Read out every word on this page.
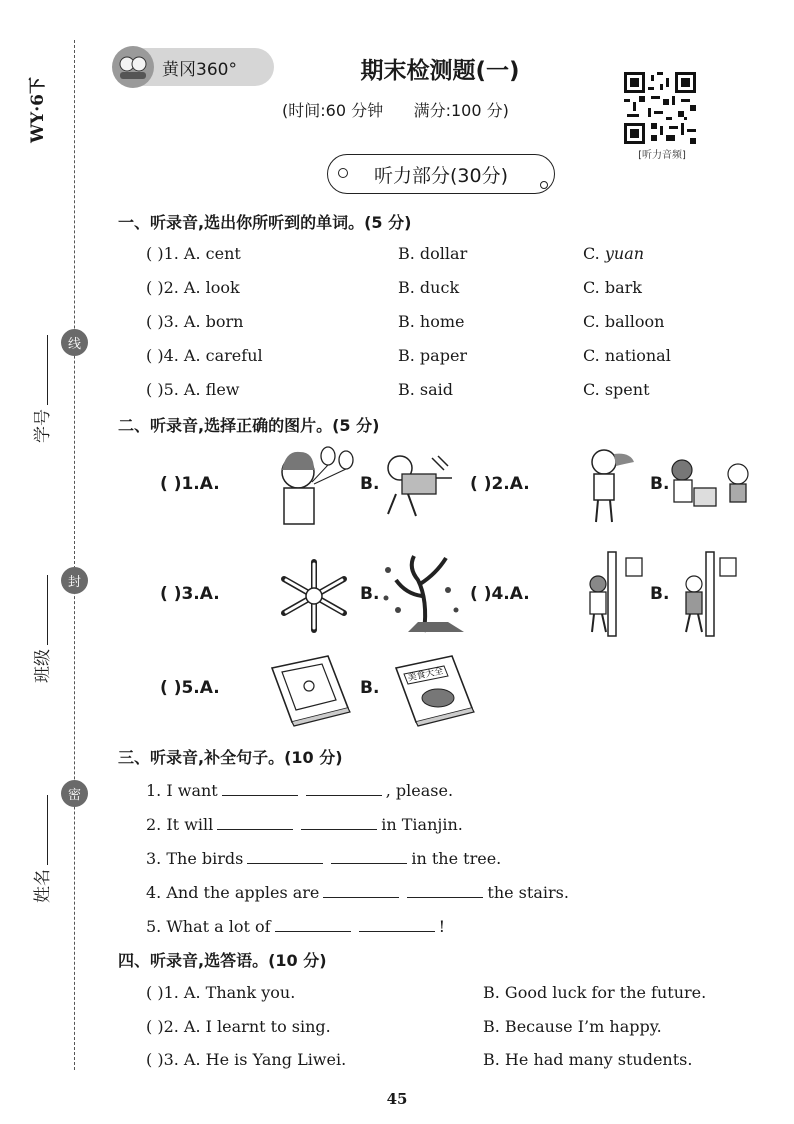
WY·6下
学号
班级
姓名
线
封
密
黄冈360°	期末检测题(一)
(时间:60 分钟      满分:100 分)
[听力音频]
听力部分(30分)
一、听录音,选出你所听到的单词。(5 分)
( )1. A. cent	B. dollar	C. yuan
( )2. A. look	B. duck	C. bark
( )3. A. born	B. home	C. balloon
( )4. A. careful	B. paper	C. national
( )5. A. flew	B. said	C. spent
二、听录音,选择正确的图片。(5 分)
( )1.A.	B.	( )2.A.	B.
( )3.A.	B.	( )4.A.	B.
( )5.A.	B.
美食大全
三、听录音,补全句子。(10 分)
1. I want	, please.
2. It will	in Tianjin.
3. The birds	in the tree.
4. And the apples are	the stairs.
5. What a lot of	!
四、听录音,选答语。(10 分)
( )1. A. Thank you.	B. Good luck for the future.
( )2. A. I learnt to sing.	B. Because I’m happy.
( )3. A. He is Yang Liwei.	B. He had many students.
45
